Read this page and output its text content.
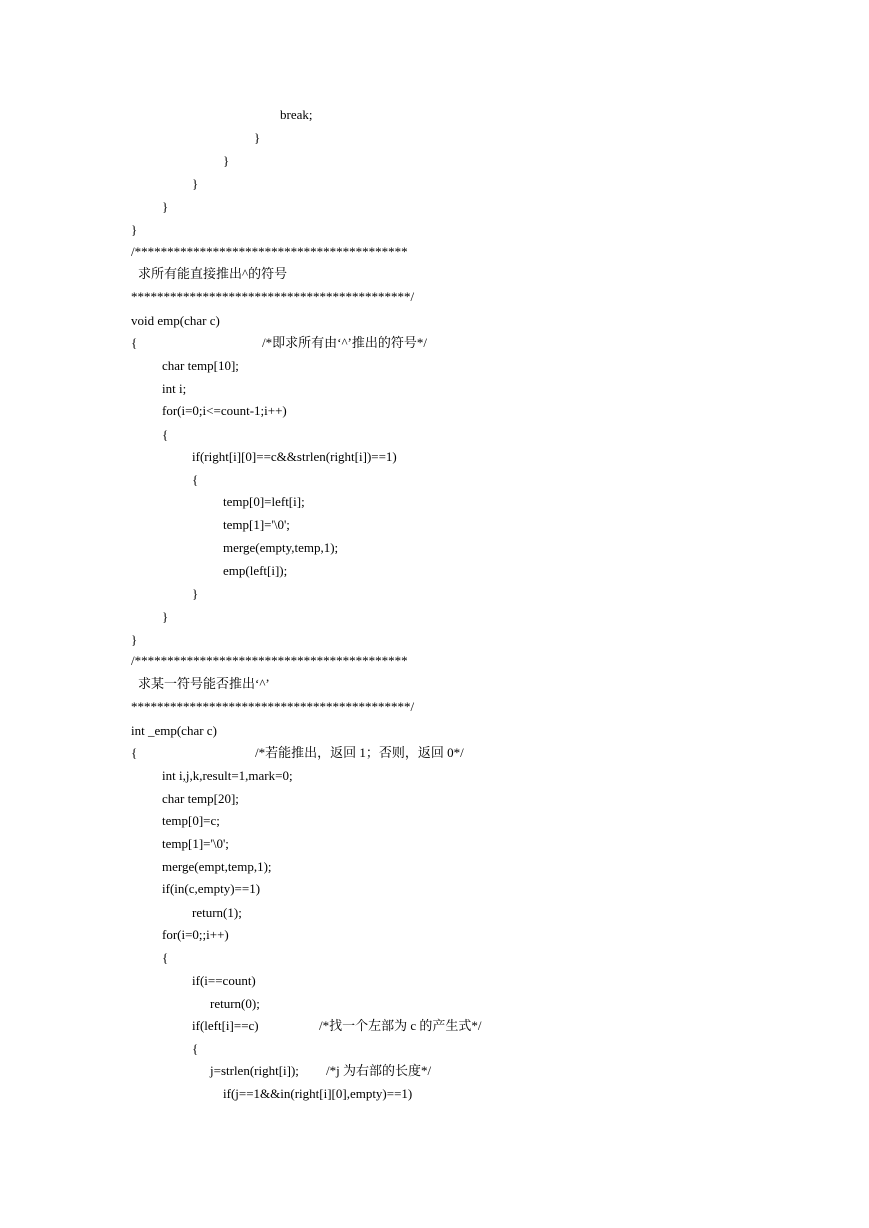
break;
}
}
}
}
}
/******************************************
求所有能直接推出^的符号
*******************************************/
void emp(char c)
{	/*即求所有由‘^’推出的符号*/
char temp[10];
int i;
for(i=0;i<=count-1;i++)
{
if(right[i][0]==c&&strlen(right[i])==1)
{
temp[0]=left[i];
temp[1]='\0';
merge(empty,temp,1);
emp(left[i]);
}
}
}
/******************************************
求某一符号能否推出‘^’
*******************************************/
int _emp(char c)
{	/*若能推出，返回 1；否则，返回 0*/
int i,j,k,result=1,mark=0;
char temp[20];
temp[0]=c;
temp[1]='\0';
merge(empt,temp,1);
if(in(c,empty)==1)
return(1);
for(i=0;;i++)
{
if(i==count)
return(0);
if(left[i]==c)	/*找一个左部为 c 的产生式*/
{
j=strlen(right[i]); /*j 为右部的长度*/
if(j==1&&in(right[i][0],empty)==1)
